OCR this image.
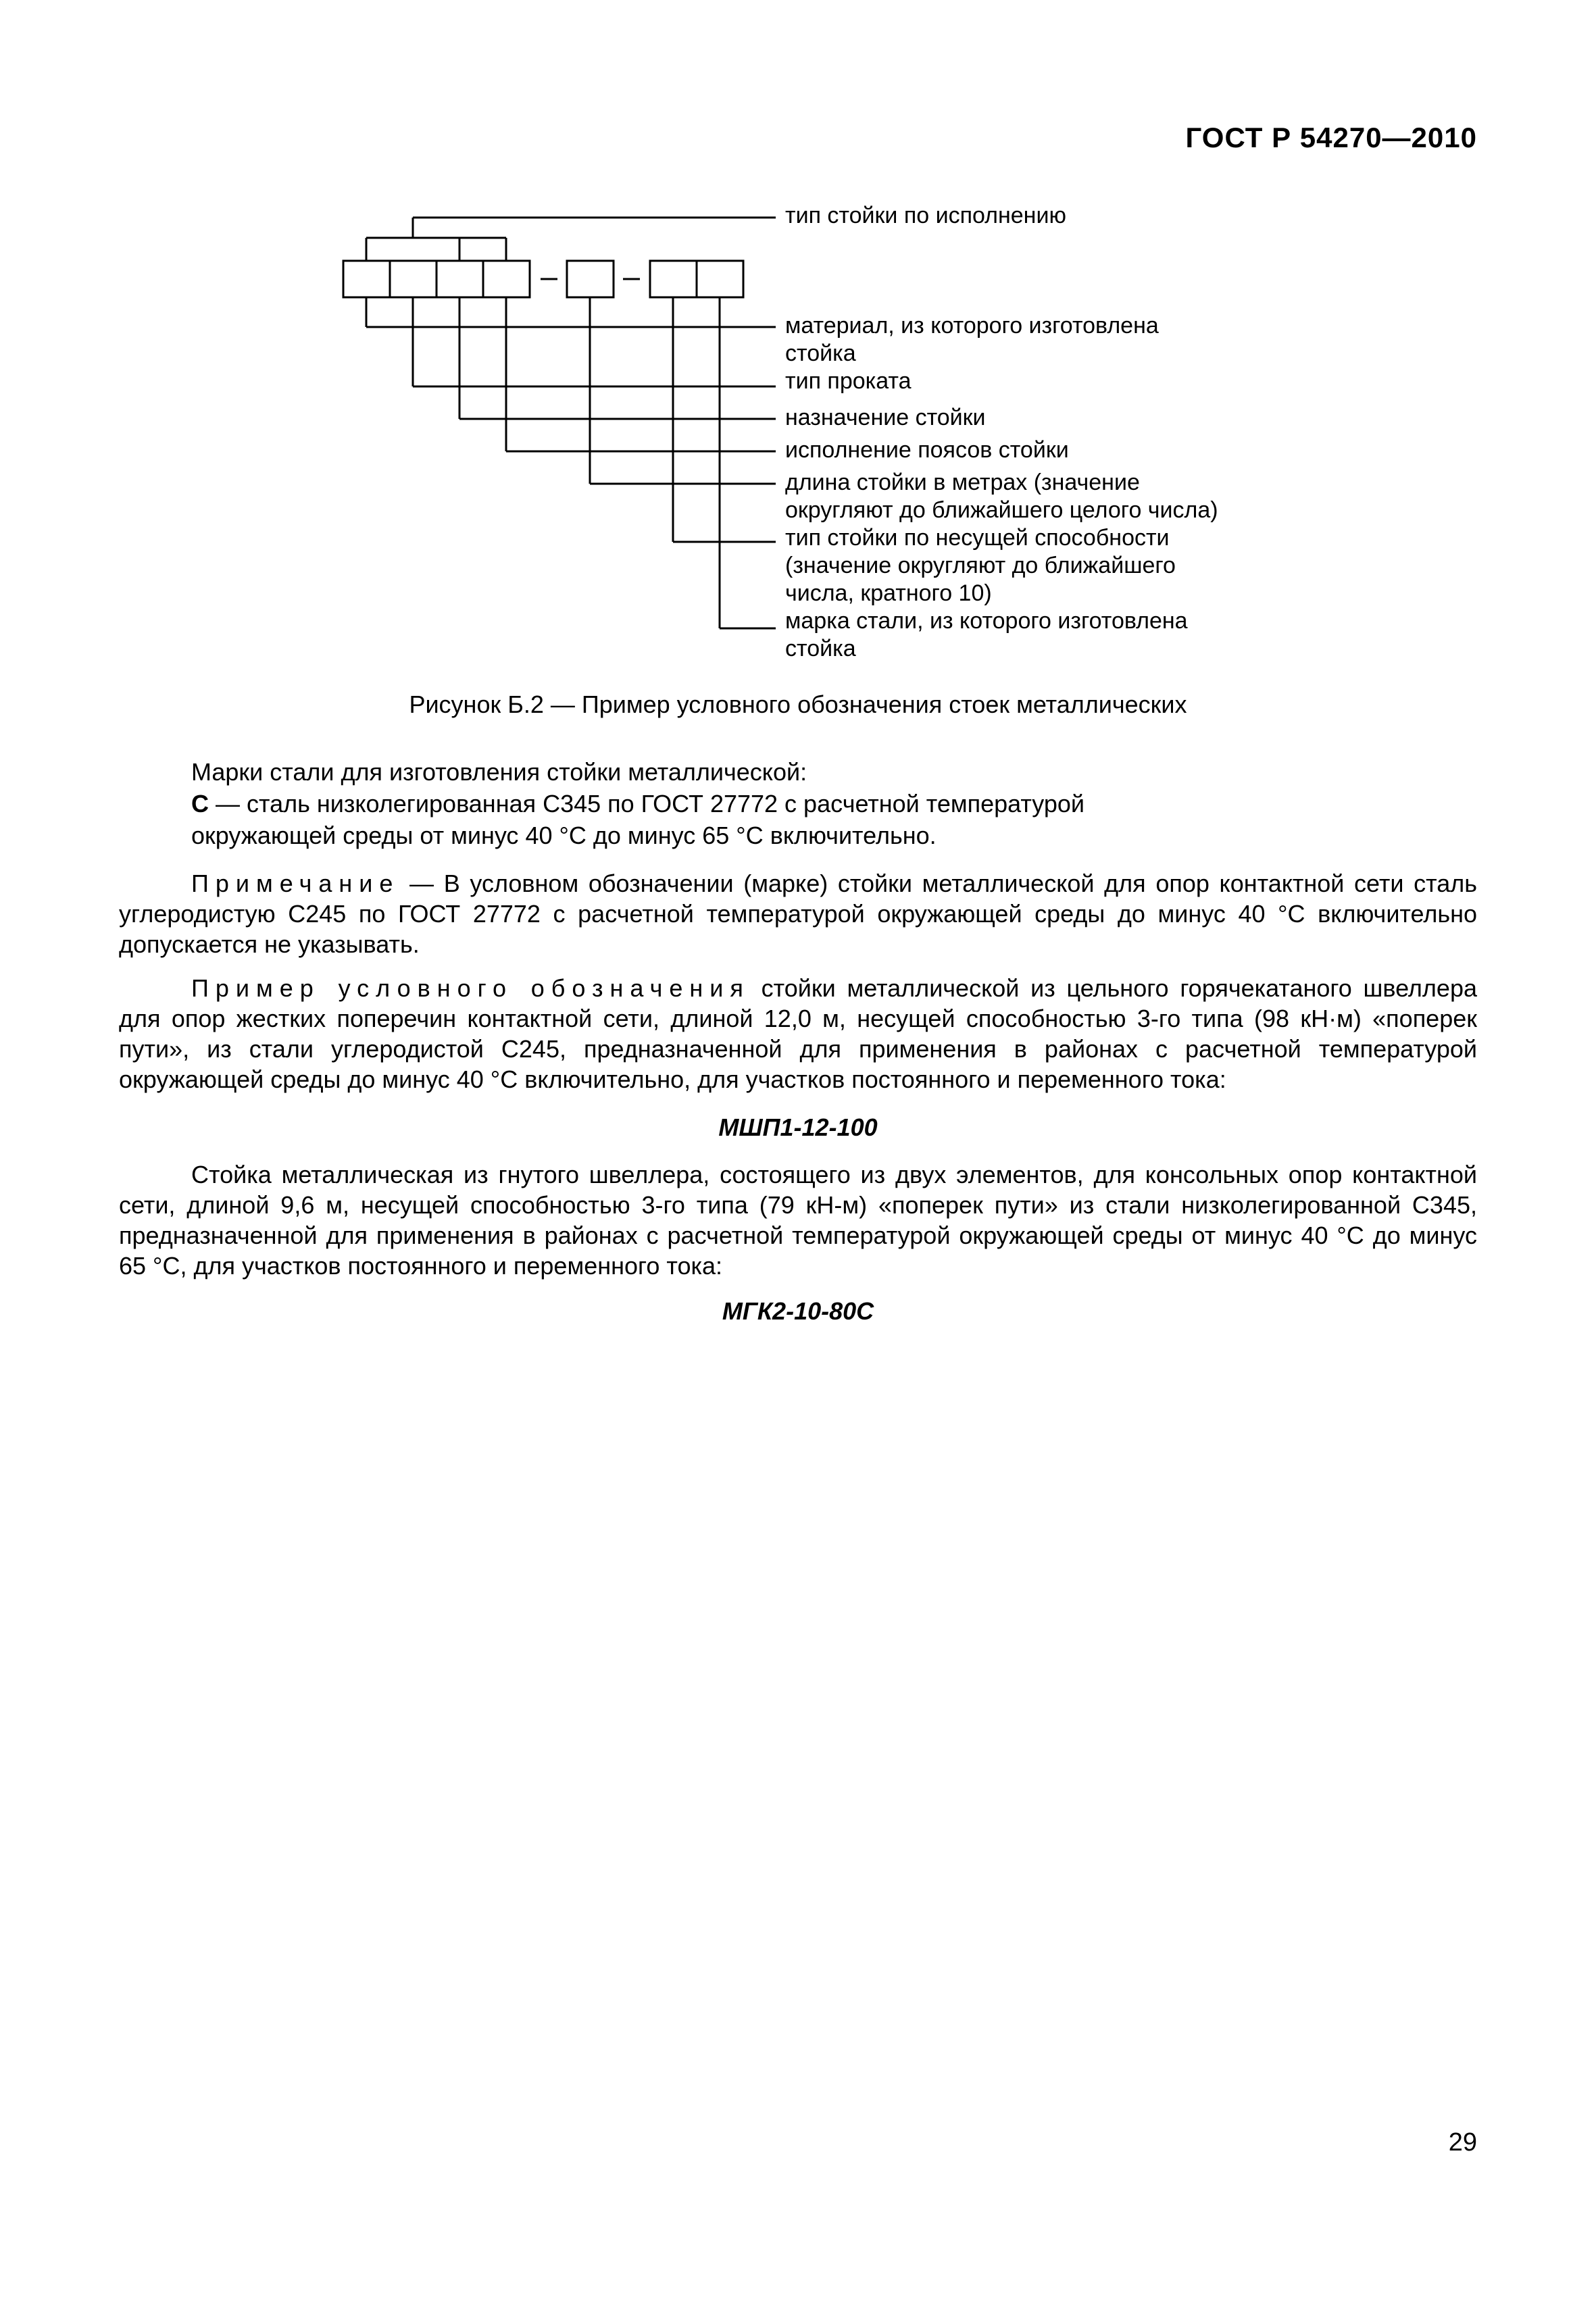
ГОСТ Р 54270—2010
тип стойки по исполнению
материал, из которого изготовлена
стойка
тип проката
назначение стойки
исполнение поясов стойки
длина стойки в метрах (значение
округляют до ближайшего целого числа)
тип стойки по несущей способности
(значение округляют до ближайшего
числа, кратного 10)
марка стали, из которого изготовлена
стойка
Рисунок Б.2 — Пример условного обозначения стоек металлических
Марки стали для изготовления стойки металлической:
С — сталь низколегированная С345 по ГОСТ 27772 с расчетной температурой
окружающей среды от минус 40 °С до минус 65 °С включительно.
Примечание — В условном обозначении (марке) стойки металлической для опор контактной сети сталь углеродистую С245 по ГОСТ 27772 с расчетной температурой окружающей среды до минус 40 °С включительно допускается не указывать.
Пример условного обозначения стойки металлической из цельного горячекатаного швеллера для опор жестких поперечин контактной сети, длиной 12,0 м, несущей способностью 3-го типа (98 кН·м) «поперек пути», из стали углеродистой С245, предназначенной для применения в районах с расчетной температурой окружающей среды до минус 40 °С включительно, для участков постоянного и переменного тока:
МШП1-12-100
Стойка металлическая из гнутого швеллера, состоящего из двух элементов, для консольных опор контактной сети, длиной 9,6 м, несущей способностью 3-го типа (79 кН-м) «поперек пути» из стали низколегированной С345, предназначенной для применения в районах с расчетной температурой окружающей среды от минус 40 °С до минус 65 °С, для участков постоянного и переменного тока:
МГК2-10-80С
29
